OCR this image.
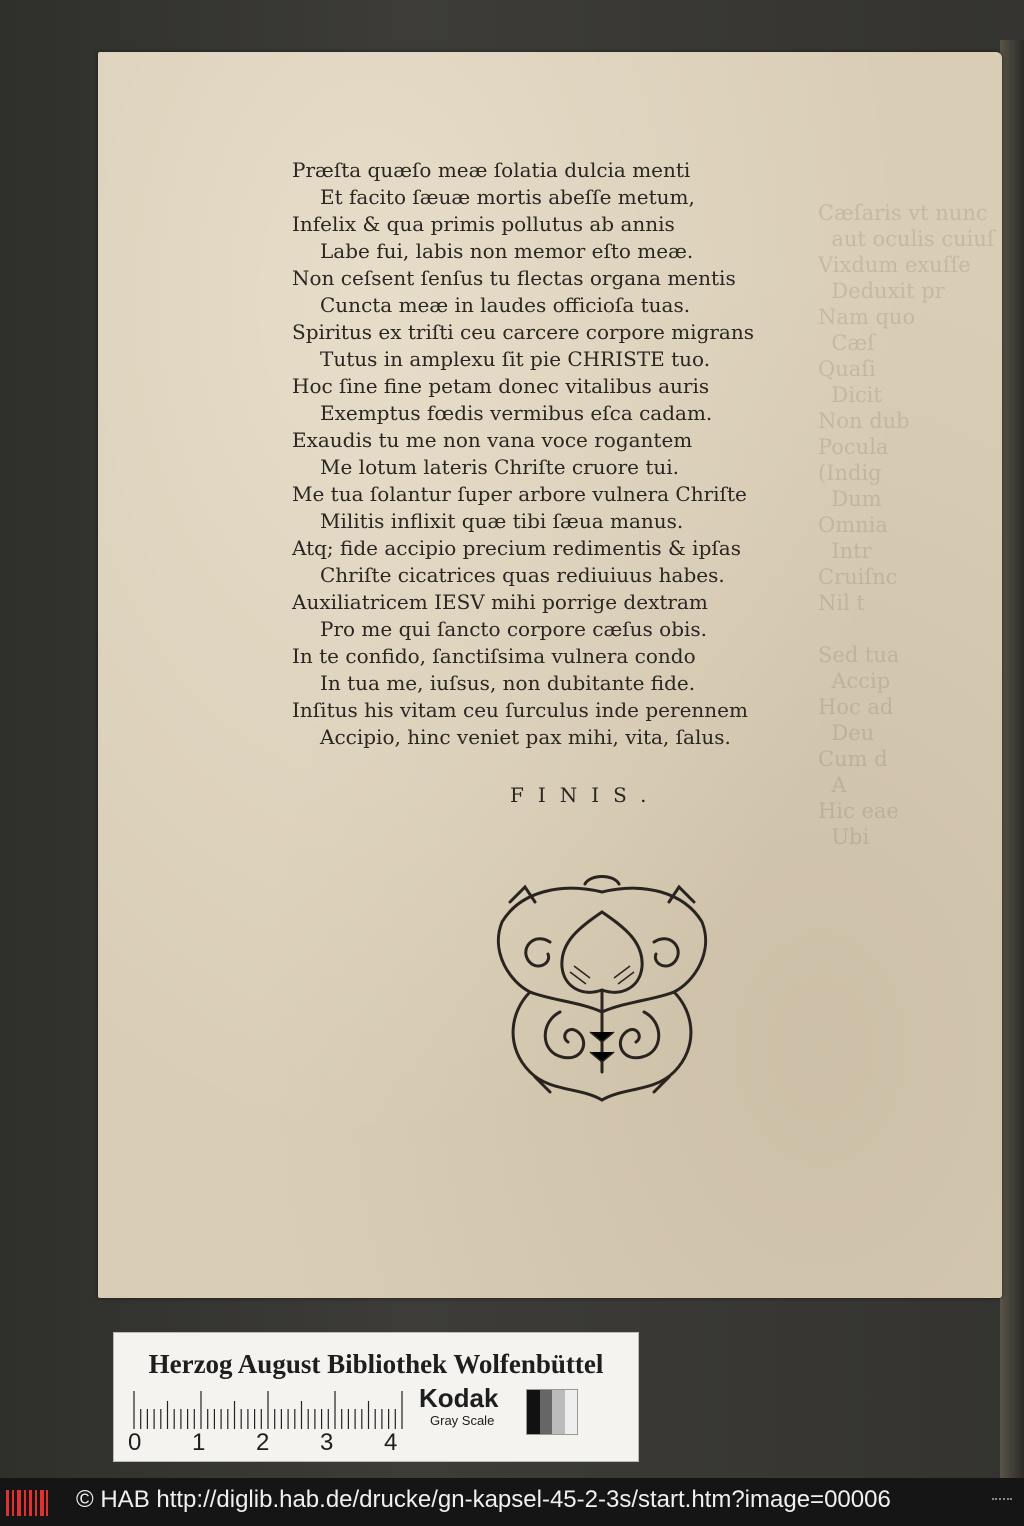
Cæſaris vt nunc
aut oculis cuiuſ
Vixdum exuſſe
Deduxit pr
Nam quo
Cæſ
Quaſi
Dicit
Non dub
Pocula
(Indig
Dum
Omnia
Intr
Cruiſnc
Nil t

Sed tua
Accip
Hoc ad
Deu
Cum d
A
Hic eae
Ubi
Præſta quæſo meæ ſolatia dulcia menti
Et facito ſæuæ mortis abeſſe metum,
Infelix & qua primis pollutus ab annis
Labe fui, labis non memor eſto meæ.
Non ceſsent ſenſus tu flectas organa mentis
Cuncta meæ in laudes officioſa tuas.
Spiritus ex triſti ceu carcere corpore migrans
Tutus in amplexu ſit pie CHRISTE tuo.
Hoc ſine fine petam donec vitalibus auris
Exemptus fœdis vermibus eſca cadam.
Exaudis tu me non vana voce rogantem
Me lotum lateris Chriſte cruore tui.
Me tua ſolantur ſuper arbore vulnera Chriſte
Militis inflixit quæ tibi ſæua manus.
Atq; fide accipio precium redimentis & ipſas
Chriſte cicatrices quas rediuiuus habes.
Auxiliatricem IESV mihi porrige dextram
Pro me qui ſancto corpore cæſus obis.
In te confido, ſanctiſsima vulnera condo
In tua me, iuſsus, non dubitante fide.
Inſitus his vitam ceu ſurculus inde perennem
Accipio, hinc veniet pax mihi, vita, ſalus.
FINIS.
Herzog August Bibliothek Wolfenbüttel
0 1 2 3 4
Kodak
Gray Scale
© HAB http://diglib.hab.de/drucke/gn-kapsel-45-2-3s/start.htm?image=00006
